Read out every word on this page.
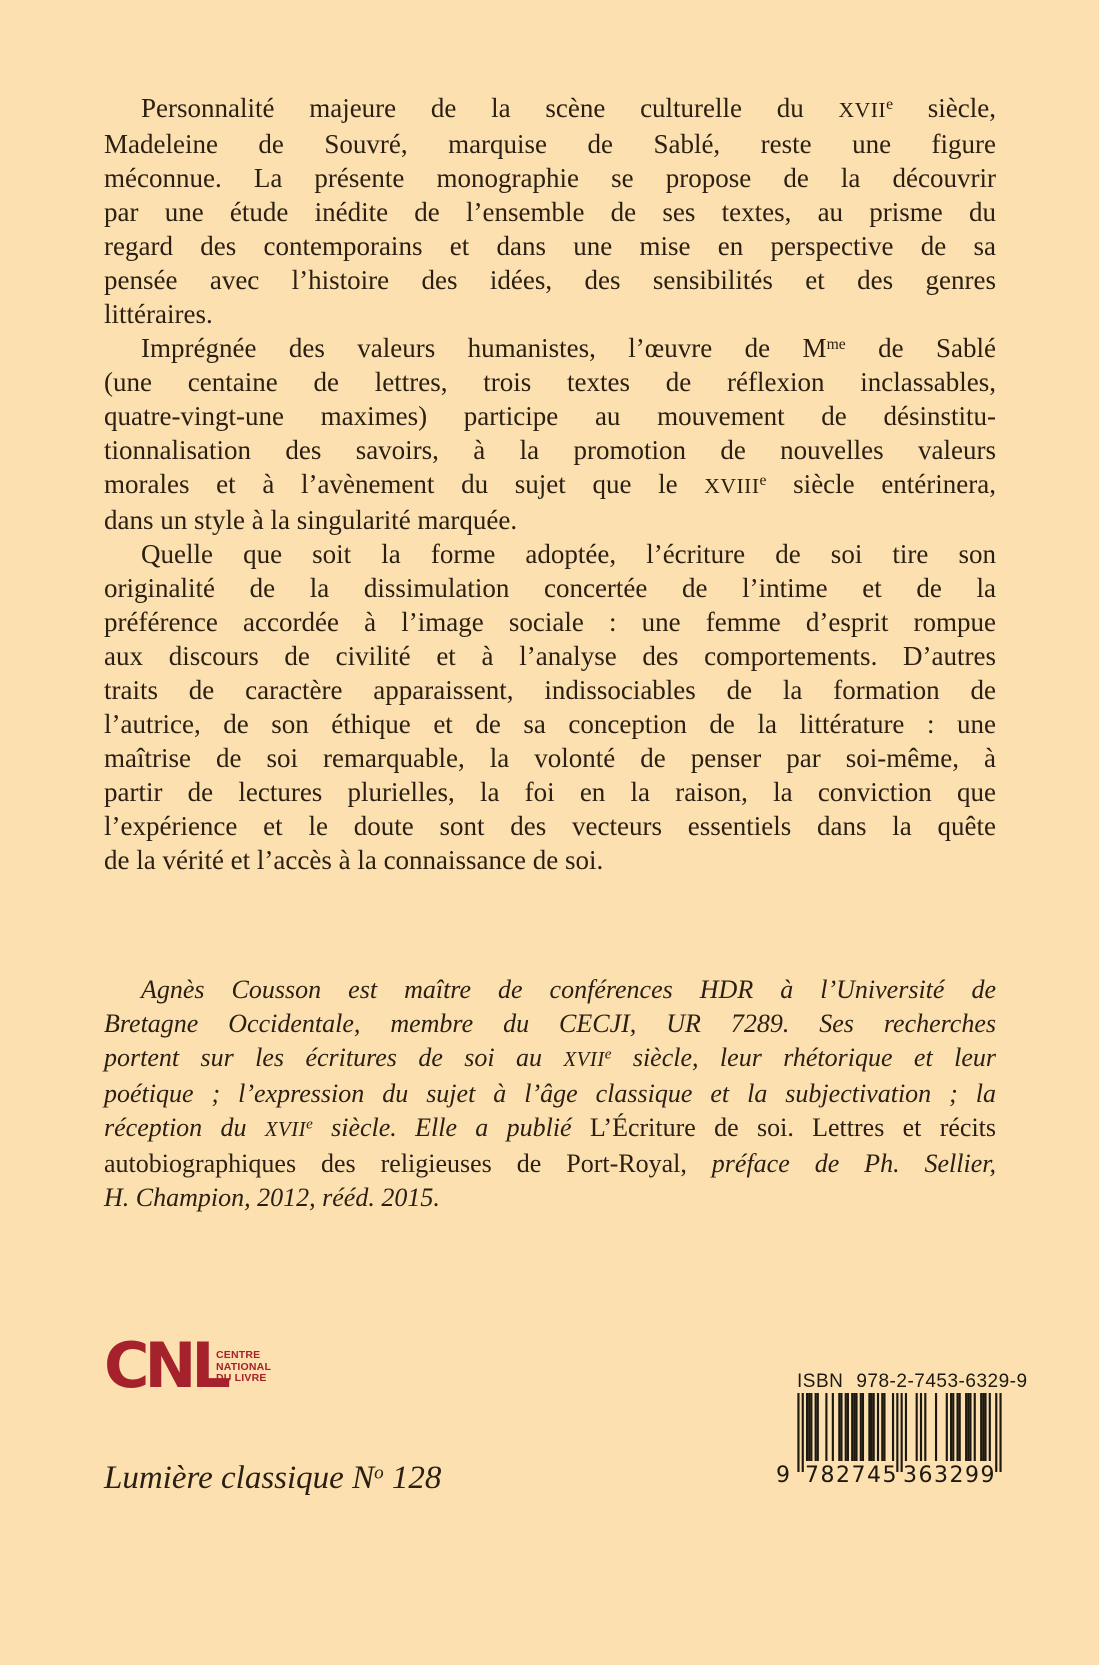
Personnalité majeure de la scène culturelle du XVIIe siècle,
Madeleine de Souvré, marquise de Sablé, reste une figure
méconnue. La présente monographie se propose de la découvrir
par une étude inédite de l’ensemble de ses textes, au prisme du
regard des contemporains et dans une mise en perspective de sa
pensée avec l’histoire des idées, des sensibilités et des genres
littéraires.
Imprégnée des valeurs humanistes, l’œuvre de $M^{me}$ de Sablé
(une centaine de lettres, trois textes de réflexion inclassables,
quatre-vingt-une maximes) participe au mouvement de désinstitu-
tionnalisation des savoirs, à la promotion de nouvelles valeurs
morales et à l’avènement du sujet que le XVIIIe siècle entérinera,
dans un style à la singularité marquée.
Quelle que soit la forme adoptée, l’écriture de soi tire son
originalité de la dissimulation concertée de l’intime et de la
préférence accordée à l’image sociale : une femme d’esprit rompue
aux discours de civilité et à l’analyse des comportements. D’autres
traits de caractère apparaissent, indissociables de la formation de
l’autrice, de son éthique et de sa conception de la littérature : une
maîtrise de soi remarquable, la volonté de penser par soi-même, à
partir de lectures plurielles, la foi en la raison, la conviction que
l’expérience et le doute sont des vecteurs essentiels dans la quête
de la vérité et l’accès à la connaissance de soi.
Agnès Cousson est maître de conférences HDR à l’Université de
Bretagne Occidentale, membre du CECJI, UR 7289. Ses recherches
portent sur les écritures de soi au XVIIe siècle, leur rhétorique et leur
poétique ; l’expression du sujet à l’âge classique et la subjectivation ; la
réception du XVIIe siècle. Elle a publié L’Écriture de soi. Lettres et récits
autobiographiques des religieuses de Port-Royal, préface de Ph. Sellier,
H. Champion, 2012, rééd. 2015.
CNL
CENTRE
NATIONAL
DU LIVRE
Lumière classique $N^o$ 128
ISBN 978-2-7453-6329-9
9 782745 363299
